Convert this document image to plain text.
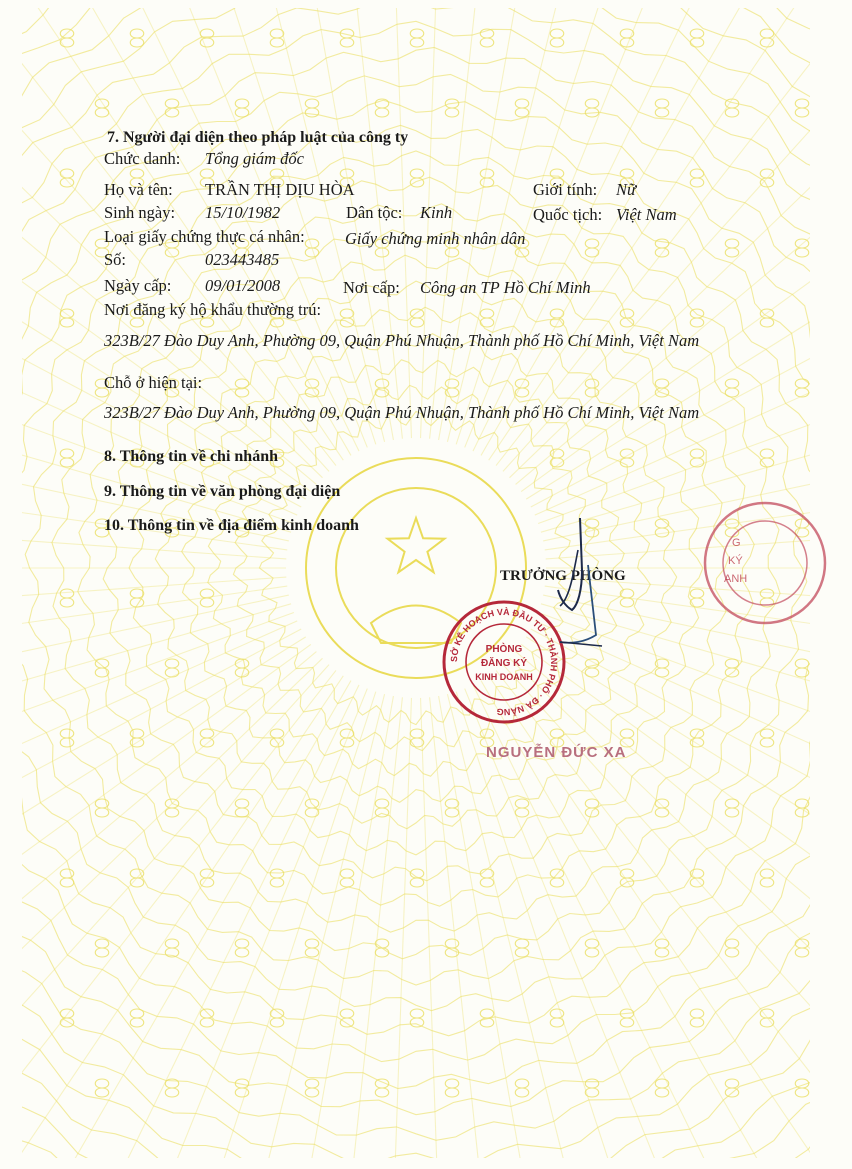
7. Người đại diện theo pháp luật của công ty
Chức danh: Tổng giám đốc
Họ và tên: TRẦN THỊ DỊU HÒA	Giới tính: Nữ
Sinh ngày: 15/10/1982	Dân tộc: Kinh	Quốc tịch: Việt Nam
Loại giấy chứng thực cá nhân: Giấy chứng minh nhân dân
Số:	023443485
Ngày cấp: 09/01/2008	Nơi cấp: Công an TP Hồ Chí Minh
Nơi đăng ký hộ khẩu thường trú:
323B/27 Đào Duy Anh, Phường 09, Quận Phú Nhuận, Thành phố Hồ Chí Minh, Việt Nam
Chỗ ở hiện tại:
323B/27 Đào Duy Anh, Phường 09, Quận Phú Nhuận, Thành phố Hồ Chí Minh, Việt Nam
8. Thông tin về chi nhánh
9. Thông tin về văn phòng đại diện
10. Thông tin về địa điểm kinh doanh
G
KÝ
ANH
TRƯỞNG PHÒNG
SỞ KẾ HOẠCH VÀ ĐẦU TƯ · THÀNH PHỐ · ĐÀ NẴNG
PHÒNG
ĐĂNG KÝ
KINH DOANH
NGUYỄN ĐỨC XA
